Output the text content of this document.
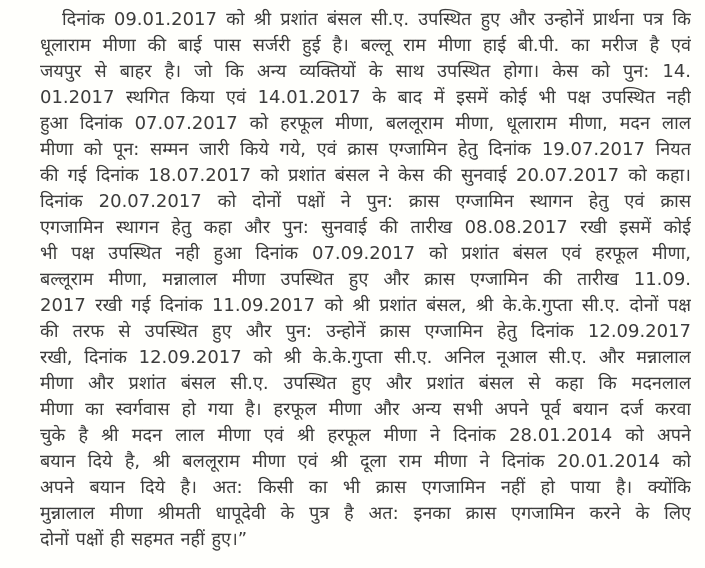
दिनांक 09.01.2017 को श्री प्रशांत बंसल सी.ए. उपस्थित हुए और उन्होनें प्रार्थना पत्र कि
धूलाराम मीणा की बाई पास सर्जरी हुई है। बल्लू राम मीणा हाई बी.पी. का मरीज है एवं
जयपुर से बाहर है। जो कि अन्य व्यक्तियों के साथ उपस्थित होगा। केस को पुन: 14.
01.2017 स्थगित किया एवं 14.01.2017 के बाद में इसमें कोई भी पक्ष उपस्थित नही
हुआ दिनांक 07.07.2017 को हरफूल मीणा, बललूराम मीणा, धूलाराम मीणा, मदन लाल
मीणा को पून: सम्मन जारी किये गये, एवं क्रास एग्जामिन हेतु दिनांक 19.07.2017 नियत
की गई दिनांक 18.07.2017 को प्रशांत बंसल ने केस की सुनवाई 20.07.2017 को कहा।
दिनांक 20.07.2017 को दोनों पक्षों ने पुन: क्रास एग्जामिन स्थागन हेतु एवं क्रास
एगजामिन स्थागन हेतु कहा और पुन: सुनवाई की तारीख 08.08.2017 रखी इसमें कोई
भी पक्ष उपस्थित नही हुआ दिनांक 07.09.2017 को प्रशांत बंसल एवं हरफूल मीणा,
बल्लूराम मीणा, मन्नालाल मीणा उपस्थित हुए और क्रास एग्जामिन की तारीख 11.09.
2017 रखी गई दिनांक 11.09.2017 को श्री प्रशांत बंसल, श्री के.के.गुप्ता सी.ए. दोनों पक्ष
की तरफ से उपस्थित हुए और पुन: उन्होनें क्रास एग्जामिन हेतु दिनांक 12.09.2017
रखी, दिनांक 12.09.2017 को श्री के.के.गुप्ता सी.ए. अनिल नूआल सी.ए. और मन्नालाल
मीणा और प्रशांत बंसल सी.ए. उपस्थित हुए और प्रशांत बंसल से कहा कि मदनलाल
मीणा का स्वर्गवास हो गया है। हरफूल मीणा और अन्य सभी अपने पूर्व बयान दर्ज करवा
चुके है श्री मदन लाल मीणा एवं श्री हरफूल मीणा ने दिनांक 28.01.2014 को अपने
बयान दिये है, श्री बललूराम मीणा एवं श्री दूला राम मीणा ने दिनांक 20.01.2014 को
अपने बयान दिये है। अत: किसी का भी क्रास एगजामिन नहीं हो पाया है। क्योंकि
मुन्नालाल मीणा श्रीमती धापूदेवी के पुत्र है अत: इनका क्रास एगजामिन करने के लिए
दोनों पक्षों ही सहमत नहीं हुए।”
